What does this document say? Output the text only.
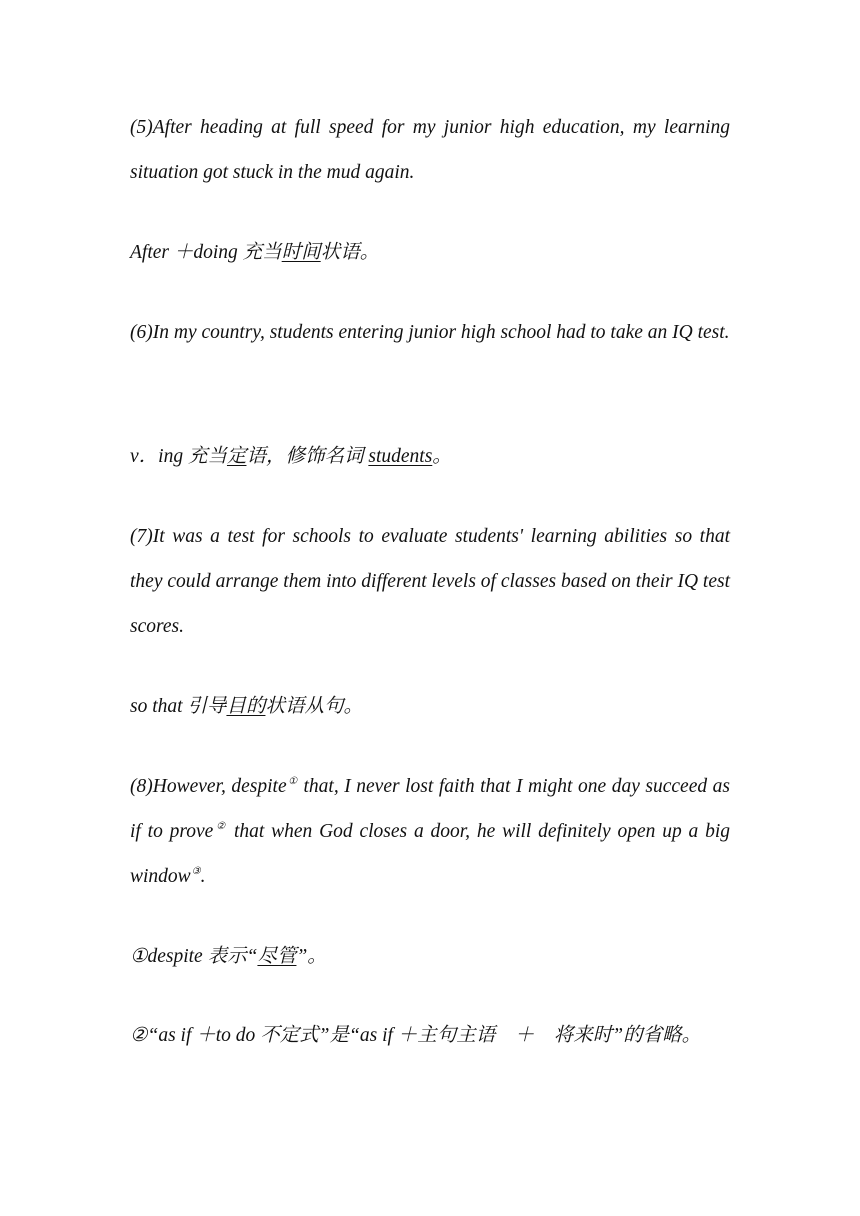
(5)After heading at full speed for my junior high education, my learning situation got stuck in the mud again.

After ＋doing 充当时间状语。

(6)In my country, students entering junior high school had to take an IQ test.

v．ing 充当定语，修饰名词 students。

(7)It was a test for schools to evaluate students' learning abilities so that they could arrange them into different levels of classes based on their IQ test scores.

so that 引导目的状语从句。

(8)However, despite① that, I never lost faith that I might one day succeed as if to prove② that when God closes a door, he will definitely open up a big window③.

①despite 表示“尽管”。

②“as if ＋to do 不定式”是“as if ＋主句主语　＋　将来时”的省略。
